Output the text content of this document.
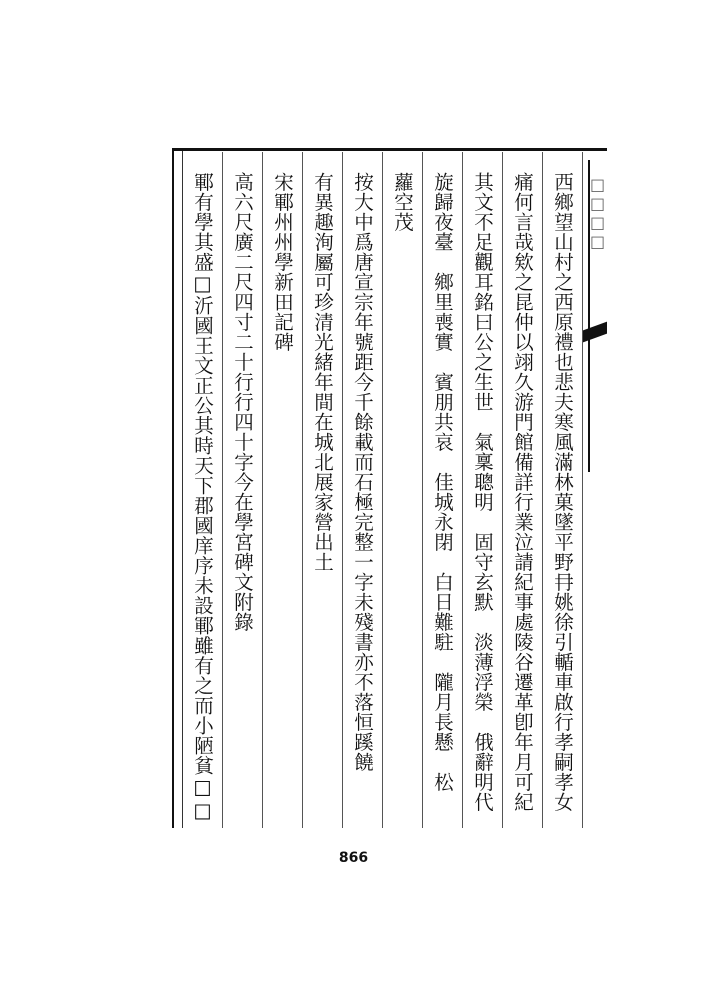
□□□□
西鄉望山村之西原禮也悲夫寒風滿林菓墜平野冄姚徐引輴車啟行孝嗣孝女
痛何言哉欸之昆仲以翊久游門館備詳行業泣請紀事處陵谷遷革卽年月可紀
其文不足觀耳銘曰公之生世　氣稟聰明　固守玄默　淡薄浮榮　俄辭明代
旋歸夜臺　鄉里喪實　賓朋共哀　佳城永閉　白日難駐　隴月長懸　松
蘿空茂
按大中爲唐宣宗年號距今千餘載而石極完整一字未殘書亦不落恒蹊饒
有異趣洵屬可珍清光緒年間在城北展家營出土
宋鄆州州學新田記碑
高六尺廣二尺四寸二十行行四十字今在學宮碑文附錄
鄆有學其盛□沂國王文正公其時天下郡國庠序未設鄆雖有之而小陋貧□□
866
